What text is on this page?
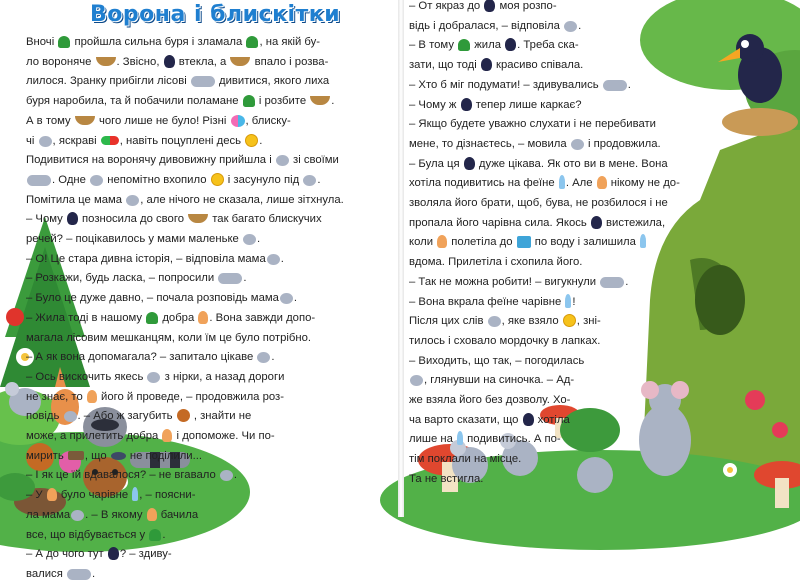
Ворона і блискітки

Вночі  пройшла сильна буря і зламала , на якій бу-

ло вороняче . Звісно,  втекла, а  впало і розва-

лилося. Зранку прибігли лісові  дивитися, якого лиха

буря наробила, та й побачили поламане  і розбите .

А в тому  чого лише не було! Різні , блиску-

чі , яскраві , навіть поцуплені десь .

Подивитися на воронячу дивовижну прийшла і  зі своїми

. Одне  непомітно вхопило  і засунуло під .

Помітила це мама , але нічого не сказала, лише зітхнула.

– Чому  позносила до свого  так багато блискучих

речей? – поцікавилось у мами маленьке .

– О! Це стара дивна історія, – відповіла мама .

– Розкажи, будь ласка, – попросили .

– Було це дуже давно, – почала розповідь мама .

– Жила тоді в нашому  добра . Вона завжди допо-

магала лісовим мешканцям, коли їм це було потрібно.

– А як вона допомагала? – запитало цікаве .

– Ось вискочить якесь  з нірки, а назад дороги

не знає, то  його й проведе, – продовжила роз-

повідь . – Або ж загубить  , знайти не

може, а прилетить добра  і допоможе. Чи по-

мирить , що  не поділили...

– І як це їй вдавалося? – не вгавало .

– У  було чарівне , – поясни-

ла мама . – В якому  бачила

все, що відбувається у .

– А до чого тут ? – здиву-

валися .

– От якраз до  моя розпо-

відь і добралася, – відповіла .

– В тому  жила . Треба ска-

зати, що тоді  красиво співала.

– Хто б міг подумати! – здивувались .

– Чому ж  тепер лише каркає?

– Якщо будете уважно слухати і не перебивати

мене, то дізнаєтесь, – мовила  і продовжила.

– Була ця  дуже цікава. Як ото ви в мене. Вона

хотіла подивитись на феїне . Але  нікому не до-

зволяла його брати, щоб, бува, не розбилося і не

пропала його чарівна сила. Якось  вистежила,

коли  полетіла до  по воду і залишила

вдома. Прилетіла і схопила його.

– Так не можна робити! – вигукнули .

– Вона вкрала феїне чарівне !

Після цих слів , яке взяло , зні-

тилось і сховало мордочку в лапках.

– Виходить, що так, – погодилась

, глянувши на синочка. – Ад-

же взяла його без дозволу. Хо-

ча варто сказати, що  хотіла

лише на  подивитись. А по-

тім поклали на місце.

Та не встигла.
